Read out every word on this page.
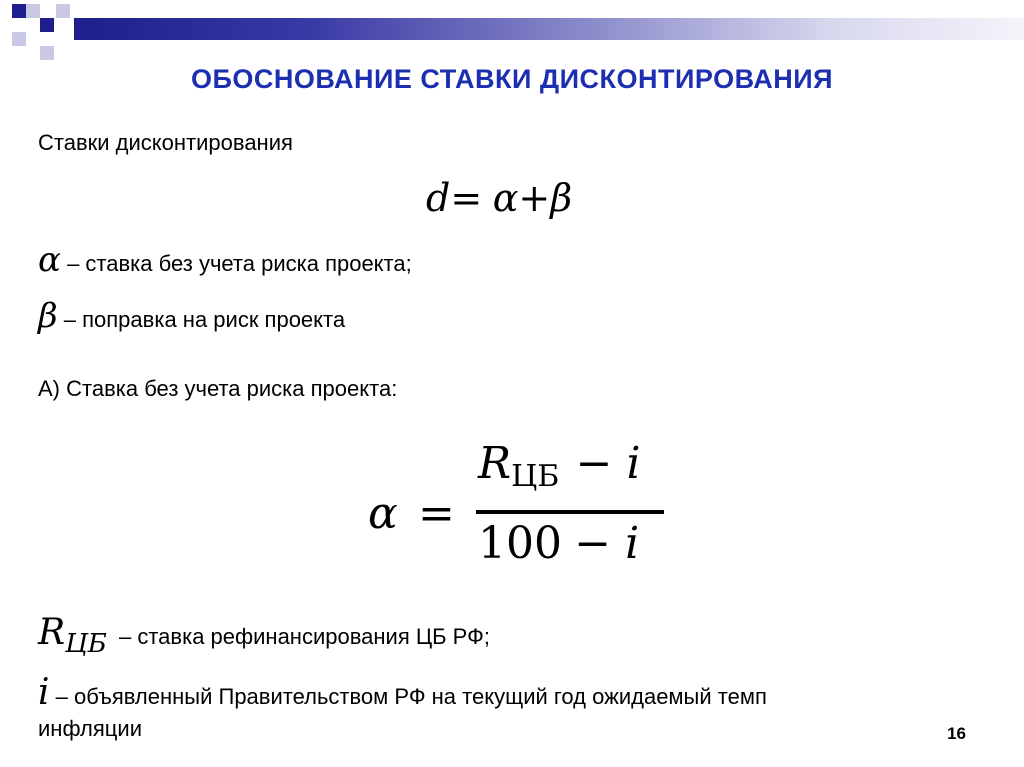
ОБОСНОВАНИЕ СТАВКИ ДИСКОНТИРОВАНИЯ
Ставки дисконтирования
d= α+β
α – ставка без учета риска проекта;
β – поправка на риск проекта
А) Ставка без учета риска проекта:
α =
RЦБ − i
100 − i
RЦБ – ставка рефинансирования ЦБ РФ;
i – объявленный Правительством РФ на текущий год ожидаемый темп
инфляции	16
